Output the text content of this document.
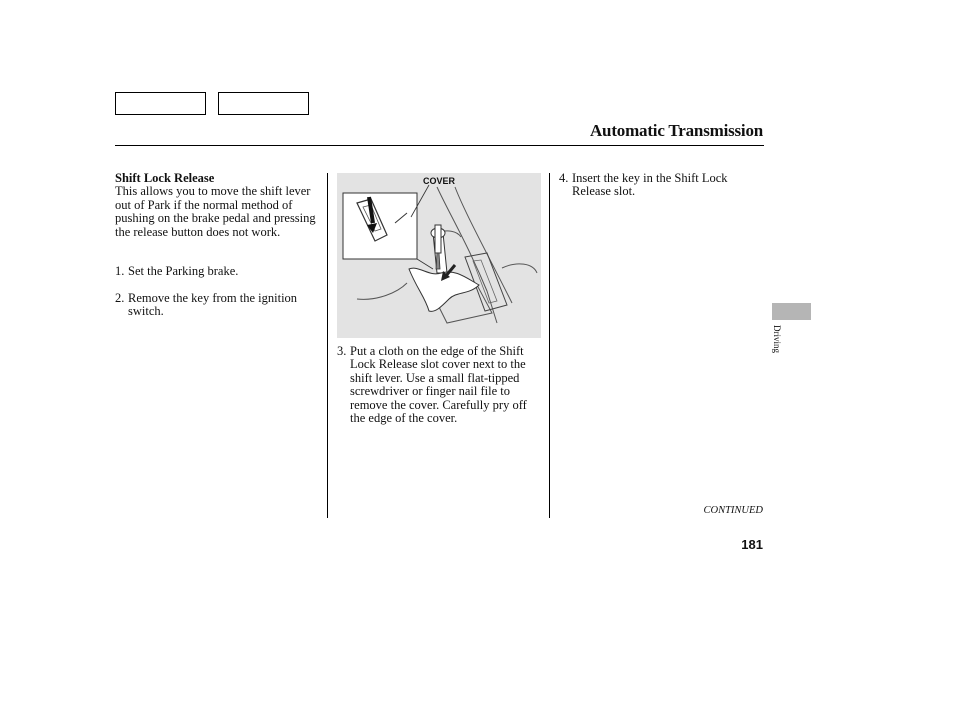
Automatic Transmission
Shift Lock Release
This allows you to move the shift lever out of Park if the normal method of pushing on the brake pedal and pressing the release button does not work.
1. Set the Parking brake.
2. Remove the key from the ignition switch.
COVER
3. Put a cloth on the edge of the Shift Lock Release slot cover next to the shift lever. Use a small flat-tipped screwdriver or finger nail file to remove the cover. Carefully pry off the edge of the cover.
4. Insert the key in the Shift Lock Release slot.
Driving
CONTINUED
181
